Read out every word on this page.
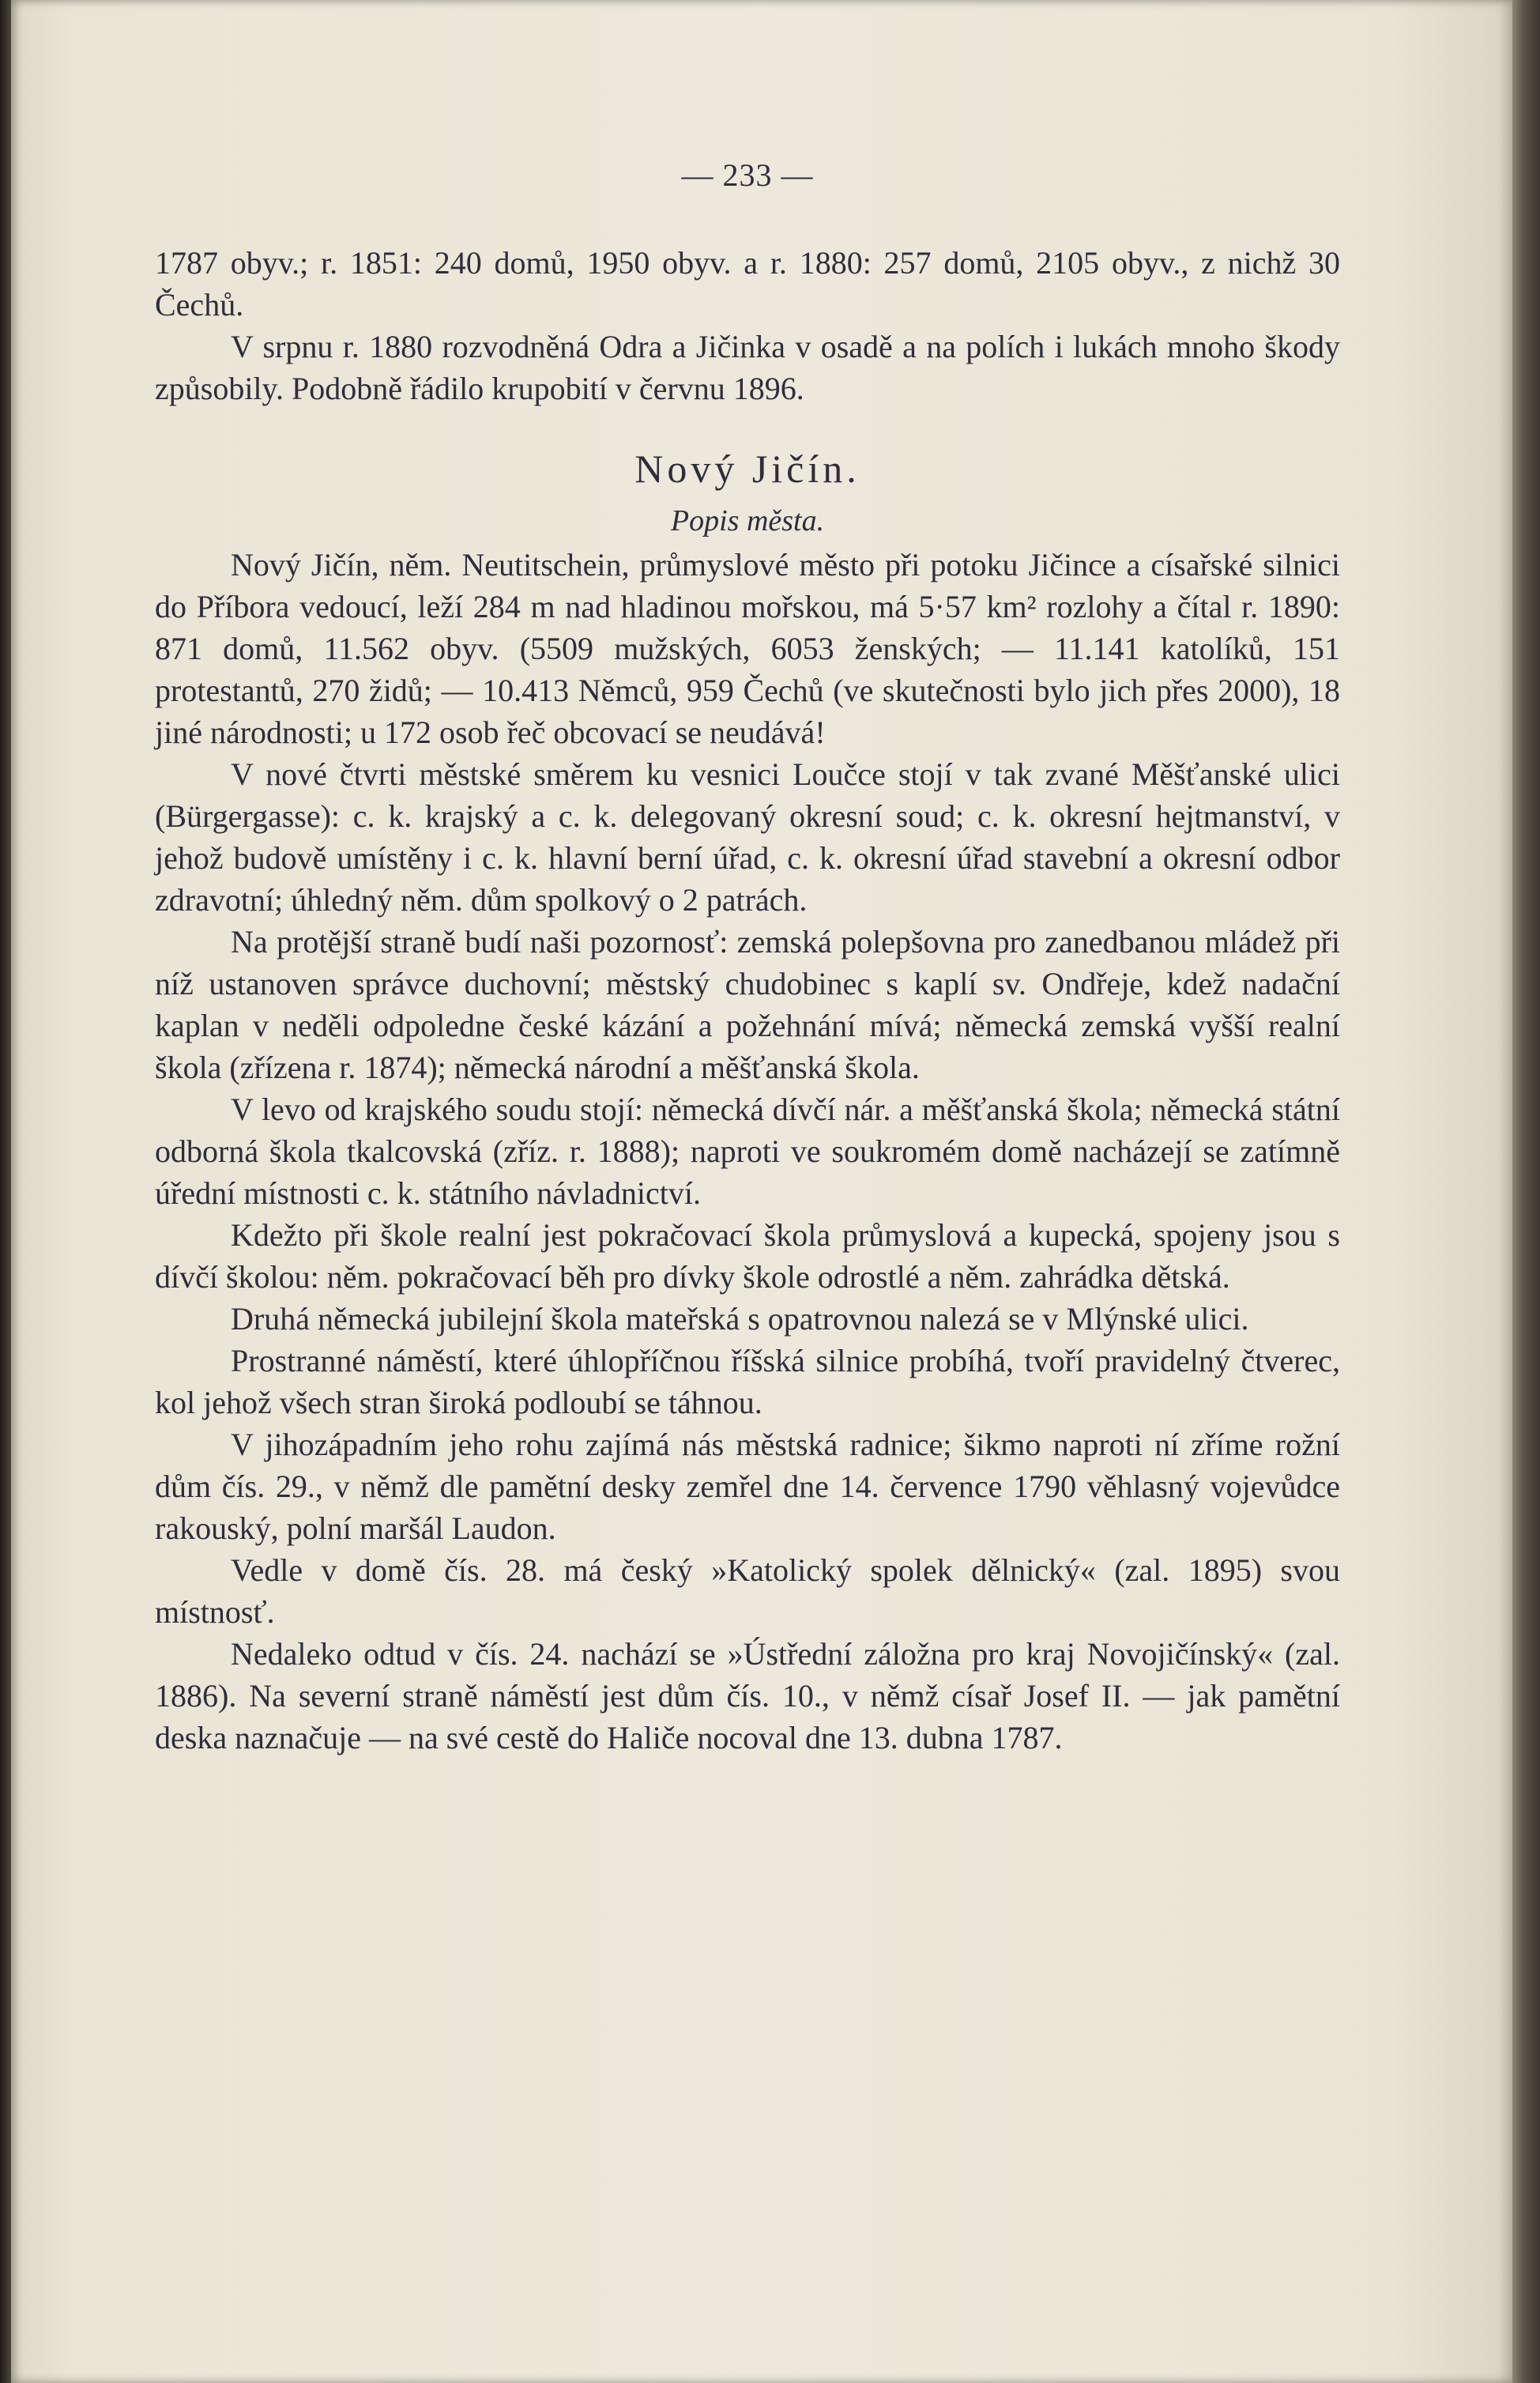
— 233 —

1787 obyv.; r. 1851: 240 domů, 1950 obyv. a r. 1880: 257 domů, 2105 obyv., z nichž 30 Čechů.

V srpnu r. 1880 rozvodněná Odra a Jičinka v osadě a na polích i lukách mnoho škody způsobily. Podobně řádilo krupobití v červnu 1896.

Nový Jičín.
Popis města.

Nový Jičín, něm. Neutitschein, průmyslové město při potoku Jičince a císařské silnici do Příbora vedoucí, leží 284 m nad hladinou mořskou, má 5·57 km² rozlohy a čítal r. 1890: 871 domů, 11.562 obyv. (5509 mužských, 6053 ženských; — 11.141 katolíků, 151 protestantů, 270 židů; — 10.413 Němců, 959 Čechů (ve skutečnosti bylo jich přes 2000), 18 jiné národnosti; u 172 osob řeč obcovací se neudává!

V nové čtvrti městské směrem ku vesnici Loučce stojí v tak zvané Měšťanské ulici (Bürgergasse): c. k. krajský a c. k. delegovaný okresní soud; c. k. okresní hejtmanství, v jehož budově umístěny i c. k. hlavní berní úřad, c. k. okresní úřad stavební a okresní odbor zdravotní; úhledný něm. dům spolkový o 2 patrách.

Na protější straně budí naši pozornosť: zemská polepšovna pro zanedbanou mládež při níž ustanoven správce duchovní; městský chudobinec s kaplí sv. Ondřeje, kdež nadační kaplan v neděli odpoledne české kázání a požehnání mívá; německá zemská vyšší realní škola (zřízena r. 1874); německá národní a měšťanská škola.

V levo od krajského soudu stojí: německá dívčí nár. a měšťanská škola; německá státní odborná škola tkalcovská (zříz. r. 1888); naproti ve soukromém domě nacházejí se zatímně úřední místnosti c. k. státního návladnictví.

Kdežto při škole realní jest pokračovací škola průmyslová a kupecká, spojeny jsou s dívčí školou: něm. pokračovací běh pro dívky škole odrostlé a něm. zahrádka dětská.

Druhá německá jubilejní škola mateřská s opatrovnou nalezá se v Mlýnské ulici.

Prostranné náměstí, které úhlopříčnou říšská silnice probíhá, tvoří pravidelný čtverec, kol jehož všech stran široká podloubí se táhnou.

V jihozápadním jeho rohu zajímá nás městská radnice; šikmo naproti ní zříme rožní dům čís. 29., v němž dle pamětní desky zemřel dne 14. července 1790 věhlasný vojevůdce rakouský, polní maršál Laudon.

Vedle v domě čís. 28. má český »Katolický spolek dělnický« (zal. 1895) svou místnosť.

Nedaleko odtud v čís. 24. nachází se »Ústřední záložna pro kraj Novojičínský« (zal. 1886). Na severní straně náměstí jest dům čís. 10., v němž císař Josef II. — jak pamětní deska naznačuje — na své cestě do Haliče nocoval dne 13. dubna 1787.
